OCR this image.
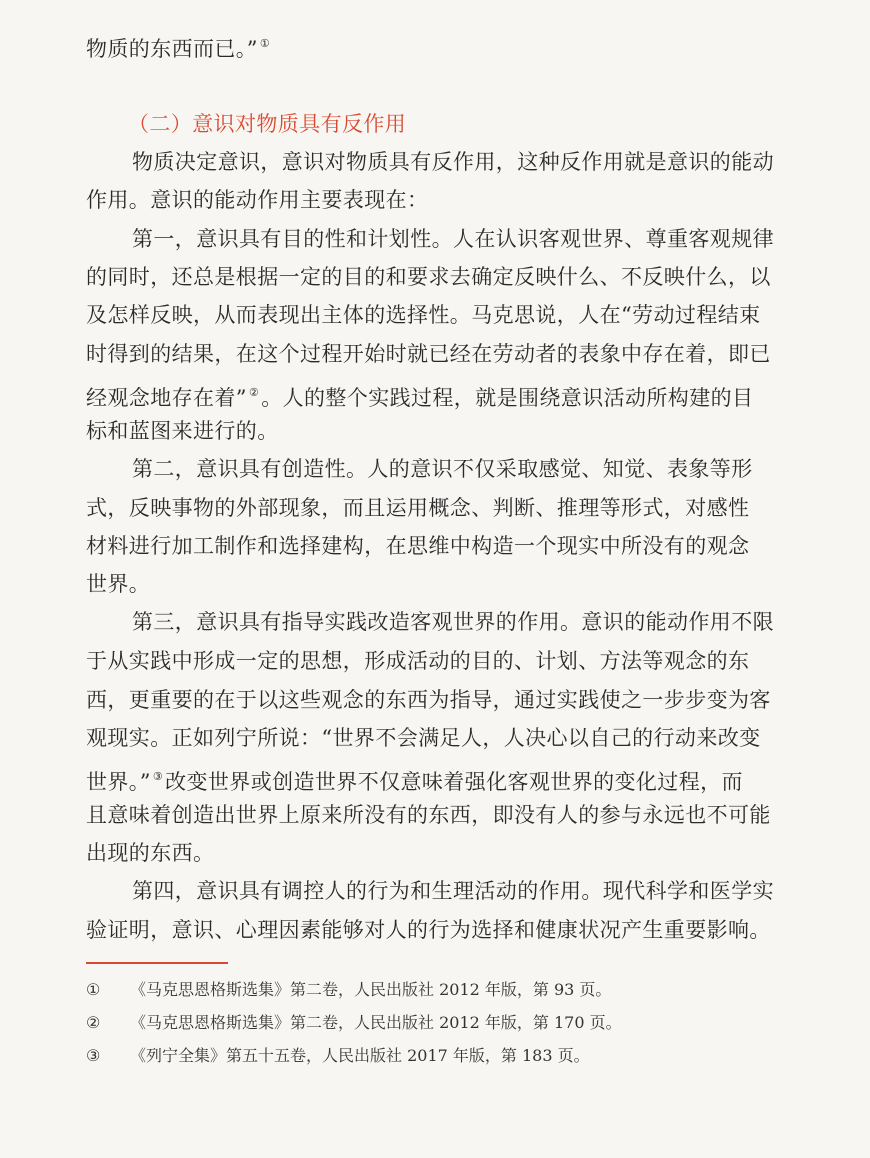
物质的东西而已。” ①
（二）意识对物质具有反作用
物质决定意识，意识对物质具有反作用，这种反作用就是意识的能动
作用。意识的能动作用主要表现在：
第一，意识具有目的性和计划性。人在认识客观世界、尊重客观规律
的同时，还总是根据一定的目的和要求去确定反映什么、不反映什么，以
及怎样反映，从而表现出主体的选择性。马克思说，人在“劳动过程结束
时得到的结果，在这个过程开始时就已经在劳动者的表象中存在着，即已
经观念地存在着” ②。人的整个实践过程，就是围绕意识活动所构建的目
标和蓝图来进行的。
第二，意识具有创造性。人的意识不仅采取感觉、知觉、表象等形
式，反映事物的外部现象，而且运用概念、判断、推理等形式，对感性
材料进行加工制作和选择建构，在思维中构造一个现实中所没有的观念
世界。
第三，意识具有指导实践改造客观世界的作用。意识的能动作用不限
于从实践中形成一定的思想，形成活动的目的、计划、方法等观念的东
西，更重要的在于以这些观念的东西为指导，通过实践使之一步步变为客
观现实。正如列宁所说：“世界不会满足人，人决心以自己的行动来改变
世界。” ③改变世界或创造世界不仅意味着强化客观世界的变化过程，而
且意味着创造出世界上原来所没有的东西，即没有人的参与永远也不可能
出现的东西。
第四，意识具有调控人的行为和生理活动的作用。现代科学和医学实
验证明，意识、心理因素能够对人的行为选择和健康状况产生重要影响。
① 《马克思恩格斯选集》第二卷，人民出版社 2012 年版，第 93 页。
② 《马克思恩格斯选集》第二卷，人民出版社 2012 年版，第 170 页。
③ 《列宁全集》第五十五卷，人民出版社 2017 年版，第 183 页。
